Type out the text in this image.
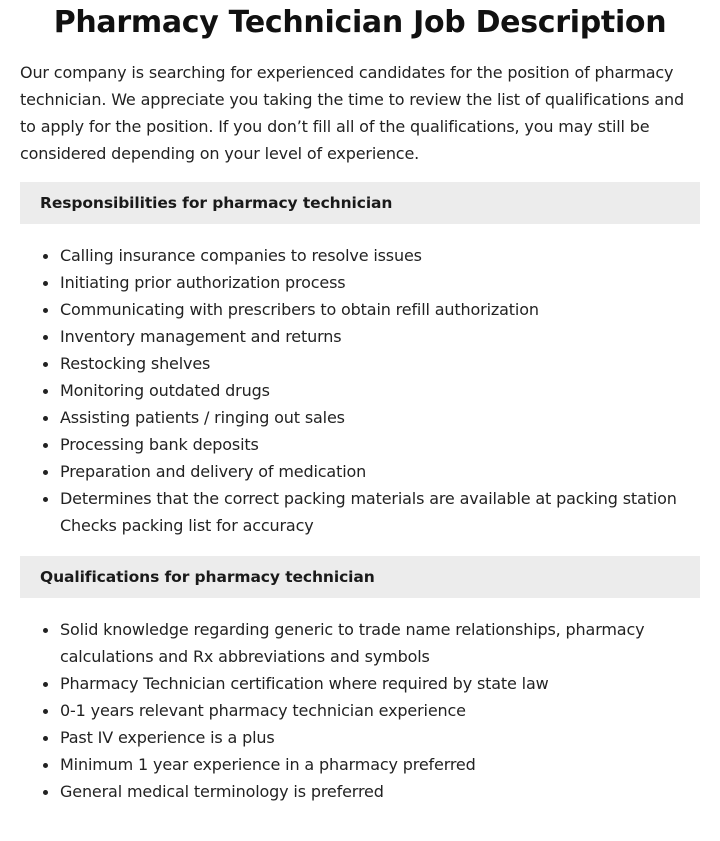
Pharmacy Technician Job Description

Our company is searching for experienced candidates for the position of pharmacy technician. We appreciate you taking the time to review the list of qualifications and to apply for the position. If you don’t fill all of the qualifications, you may still be considered depending on your level of experience.

Responsibilities for pharmacy technician
Calling insurance companies to resolve issues
Initiating prior authorization process
Communicating with prescribers to obtain refill authorization
Inventory management and returns
Restocking shelves
Monitoring outdated drugs
Assisting patients / ringing out sales
Processing bank deposits
Preparation and delivery of medication
Determines that the correct packing materials are available at packing station Checks packing list for accuracy
Qualifications for pharmacy technician
Solid knowledge regarding generic to trade name relationships, pharmacy calculations and Rx abbreviations and symbols
Pharmacy Technician certification where required by state law
0-1 years relevant pharmacy technician experience
Past IV experience is a plus
Minimum 1 year experience in a pharmacy preferred
General medical terminology is preferred
